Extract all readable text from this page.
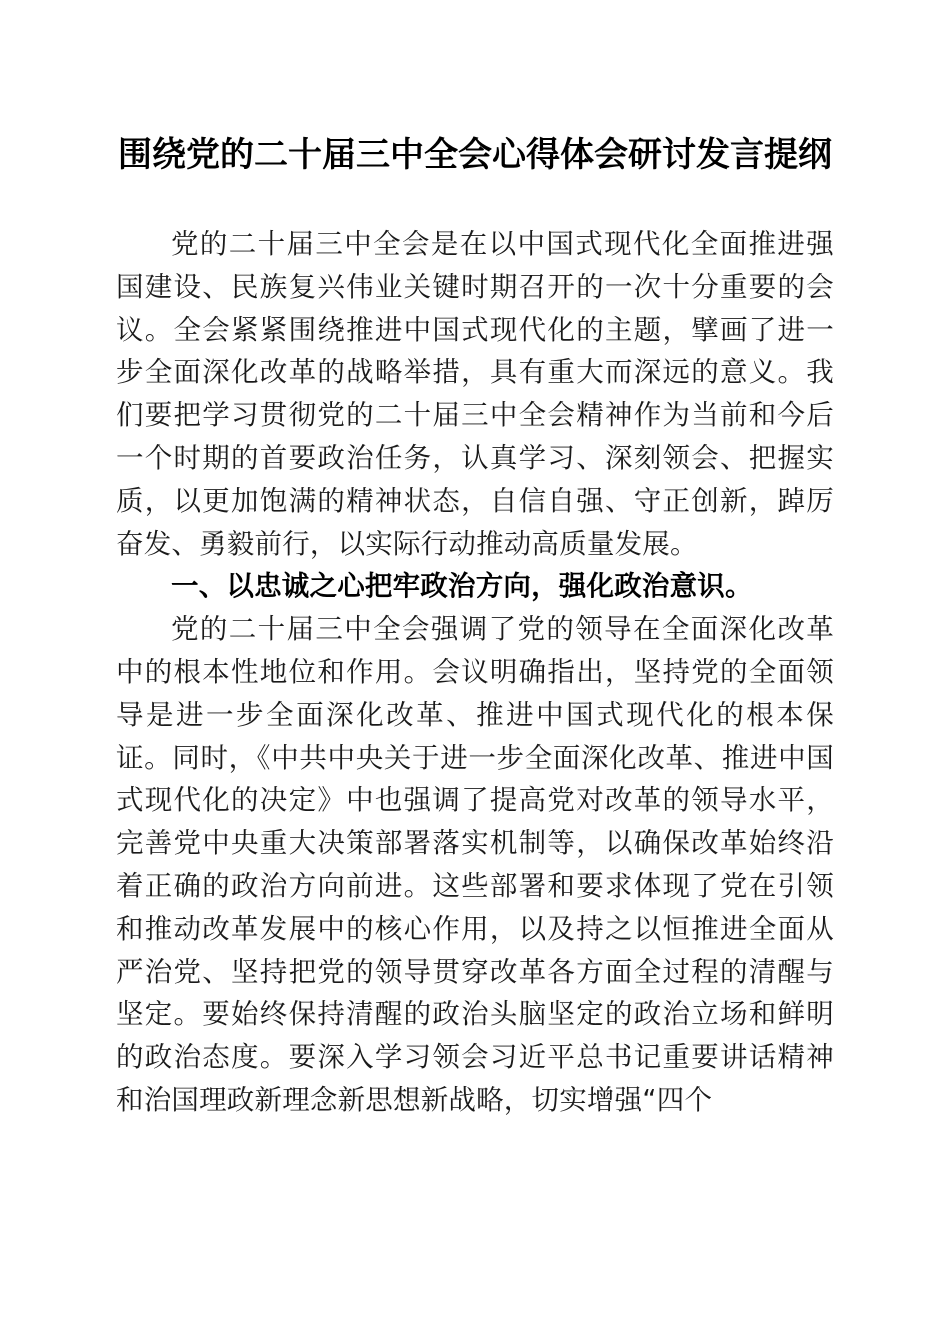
围绕党的二十届三中全会心得体会研讨发言提纲

党的二十届三中全会是在以中国式现代化全面推进强国建设、民族复兴伟业关键时期召开的一次十分重要的会议。全会紧紧围绕推进中国式现代化的主题，擘画了进一步全面深化改革的战略举措，具有重大而深远的意义。我们要把学习贯彻党的二十届三中全会精神作为当前和今后一个时期的首要政治任务，认真学习、深刻领会、把握实质，以更加饱满的精神状态，自信自强、守正创新，踔厉奋发、勇毅前行，以实际行动推动高质量发展。

一、以忠诚之心把牢政治方向，强化政治意识。

党的二十届三中全会强调了党的领导在全面深化改革中的根本性地位和作用。会议明确指出，坚持党的全面领导是进一步全面深化改革、推进中国式现代化的根本保证。同时，《中共中央关于进一步全面深化改革、推进中国式现代化的决定》中也强调了提高党对改革的领导水平，完善党中央重大决策部署落实机制等，以确保改革始终沿着正确的政治方向前进。这些部署和要求体现了党在引领和推动改革发展中的核心作用，以及持之以恒推进全面从严治党、坚持把党的领导贯穿改革各方面全过程的清醒与坚定。要始终保持清醒的政治头脑坚定的政治立场和鲜明的政治态度。要深入学习领会习近平总书记重要讲话精神和治国理政新理念新思想新战略，切实增强“四个
